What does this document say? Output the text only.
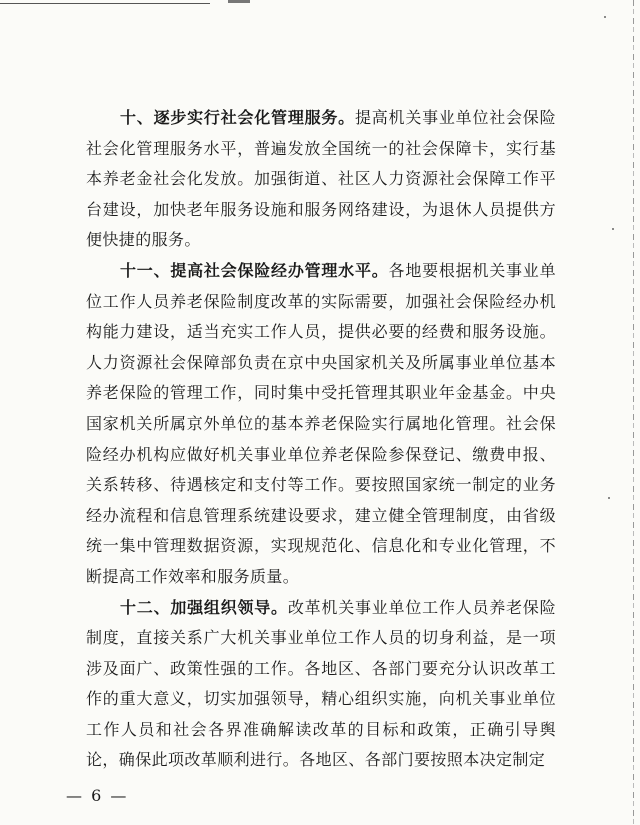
十、逐步实行社会化管理服务。提高机关事业单位社会保险社会化管理服务水平，普遍发放全国统一的社会保障卡，实行基本养老金社会化发放。加强街道、社区人力资源社会保障工作平台建设，加快老年服务设施和服务网络建设，为退休人员提供方便快捷的服务。

十一、提高社会保险经办管理水平。各地要根据机关事业单位工作人员养老保险制度改革的实际需要，加强社会保险经办机构能力建设，适当充实工作人员，提供必要的经费和服务设施。人力资源社会保障部负责在京中央国家机关及所属事业单位基本养老保险的管理工作，同时集中受托管理其职业年金基金。中央国家机关所属京外单位的基本养老保险实行属地化管理。社会保险经办机构应做好机关事业单位养老保险参保登记、缴费申报、关系转移、待遇核定和支付等工作。要按照国家统一制定的业务经办流程和信息管理系统建设要求，建立健全管理制度，由省级统一集中管理数据资源，实现规范化、信息化和专业化管理，不断提高工作效率和服务质量。

十二、加强组织领导。改革机关事业单位工作人员养老保险制度，直接关系广大机关事业单位工作人员的切身利益，是一项涉及面广、政策性强的工作。各地区、各部门要充分认识改革工作的重大意义，切实加强领导，精心组织实施，向机关事业单位工作人员和社会各界准确解读改革的目标和政策，正确引导舆论，确保此项改革顺利进行。各地区、各部门要按照本决定制定

— 6 —
